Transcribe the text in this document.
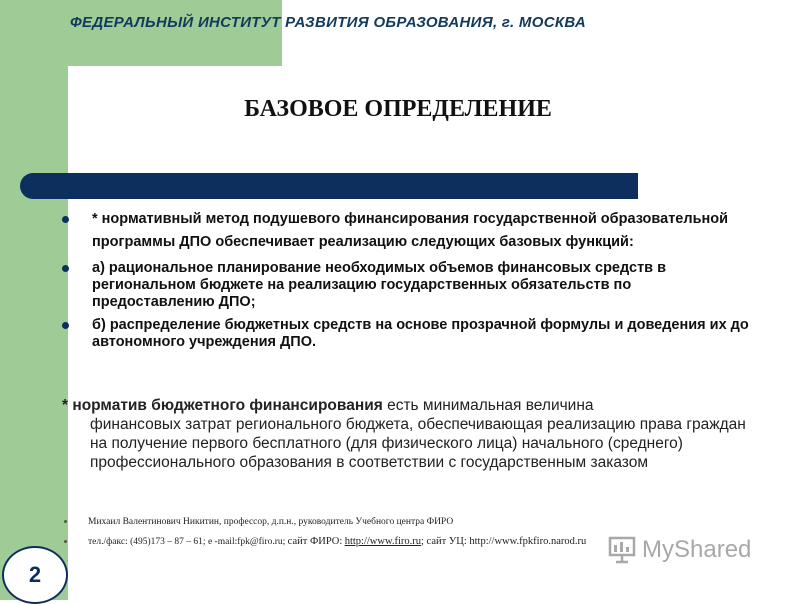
ФЕДЕРАЛЬНЫЙ ИНСТИТУТ РАЗВИТИЯ ОБРАЗОВАНИЯ, г. МОСКВА
БАЗОВОЕ ОПРЕДЕЛЕНИЕ
* нормативный метод подушевого финансирования государственной образовательной программы ДПО обеспечивает реализацию следующих базовых функций:
а) рациональное планирование необходимых объемов финансовых средств в региональном бюджете на реализацию государственных обязательств по предоставлению ДПО;
б) распределение бюджетных средств на основе прозрачной формулы и доведения их до автономного учреждения ДПО.
* норматив бюджетного финансирования есть минимальная величина
финансовых затрат регионального бюджета, обеспечивающая реализацию права граждан на получение первого бесплатного (для физического лица) начального (среднего) профессионального образования в соответствии с государственным заказом
Михаил Валентинович Никитин, профессор, д.п.н., руководитель Учебного центра ФИРО
тел./факс: (495)173 – 87 – 61; e -mail:fpk@firo.ru; сайт ФИРО: http://www.firo.ru; сайт УЦ: http://www.fpkfiro.narod.ru
2
MyShared
